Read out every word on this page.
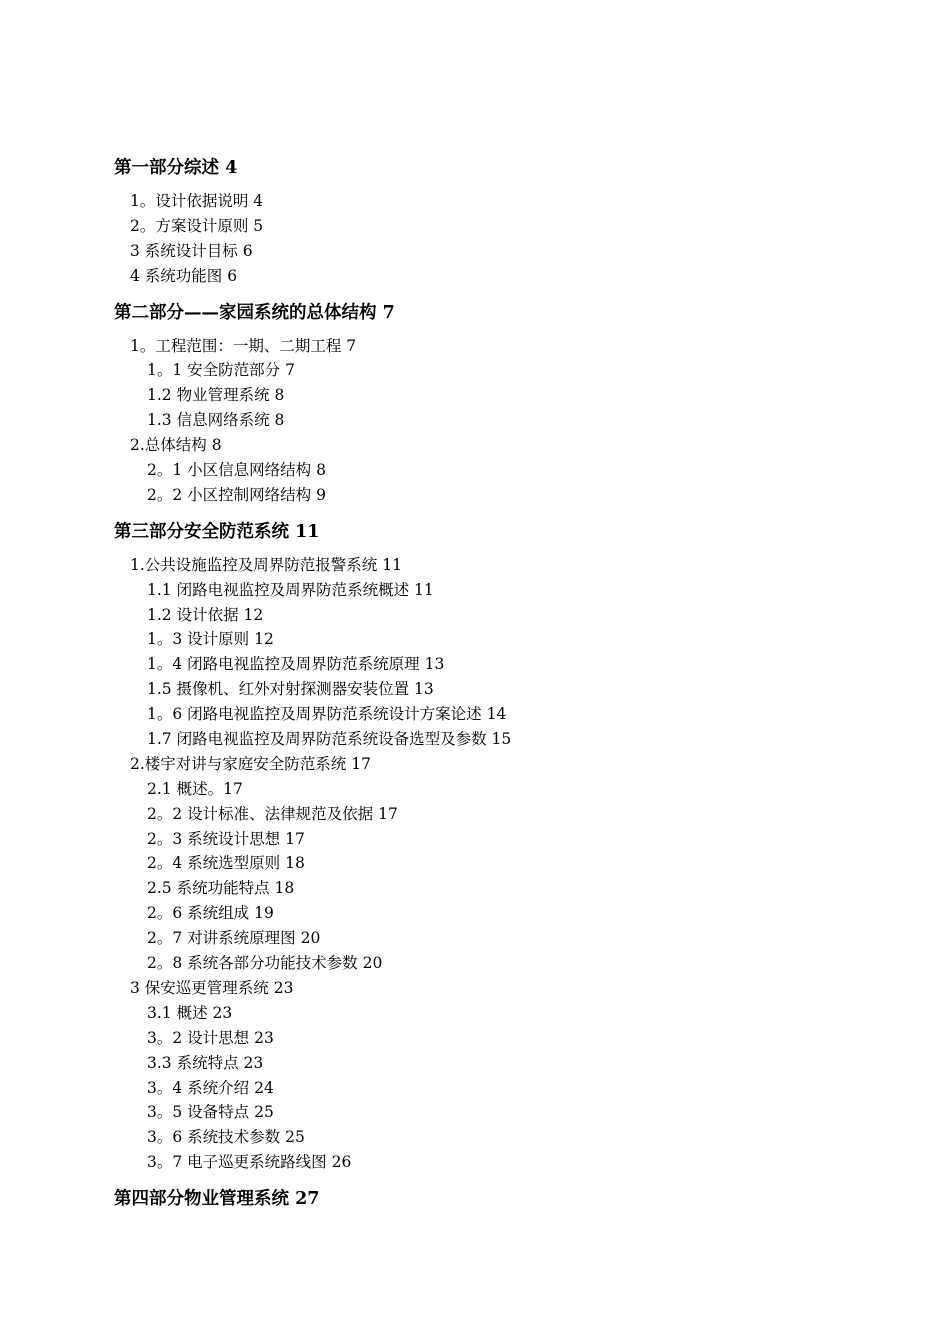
第一部分综述 4
1。设计依据说明 4
2。方案设计原则 5
3 系统设计目标 6
4 系统功能图 6
第二部分——家园系统的总体结构 7
1。工程范围：一期、二期工程 7
1。1 安全防范部分 7
1.2 物业管理系统 8
1.3 信息网络系统 8
2.总体结构 8
2。1 小区信息网络结构 8
2。2 小区控制网络结构 9
第三部分安全防范系统 11
1.公共设施监控及周界防范报警系统 11
1.1 闭路电视监控及周界防范系统概述 11
1.2 设计依据 12
1。3 设计原则 12
1。4 闭路电视监控及周界防范系统原理 13
1.5 摄像机、红外对射探测器安装位置 13
1。6 闭路电视监控及周界防范系统设计方案论述 14
1.7 闭路电视监控及周界防范系统设备选型及参数 15
2.楼宇对讲与家庭安全防范系统 17
2.1 概述。17
2。2 设计标准、法律规范及依据 17
2。3 系统设计思想 17
2。4 系统选型原则 18
2.5 系统功能特点 18
2。6 系统组成 19
2。7 对讲系统原理图 20
2。8 系统各部分功能技术参数 20
3 保安巡更管理系统 23
3.1 概述 23
3。2 设计思想 23
3.3 系统特点 23
3。4 系统介绍 24
3。5 设备特点 25
3。6 系统技术参数 25
3。7 电子巡更系统路线图 26
第四部分物业管理系统 27
